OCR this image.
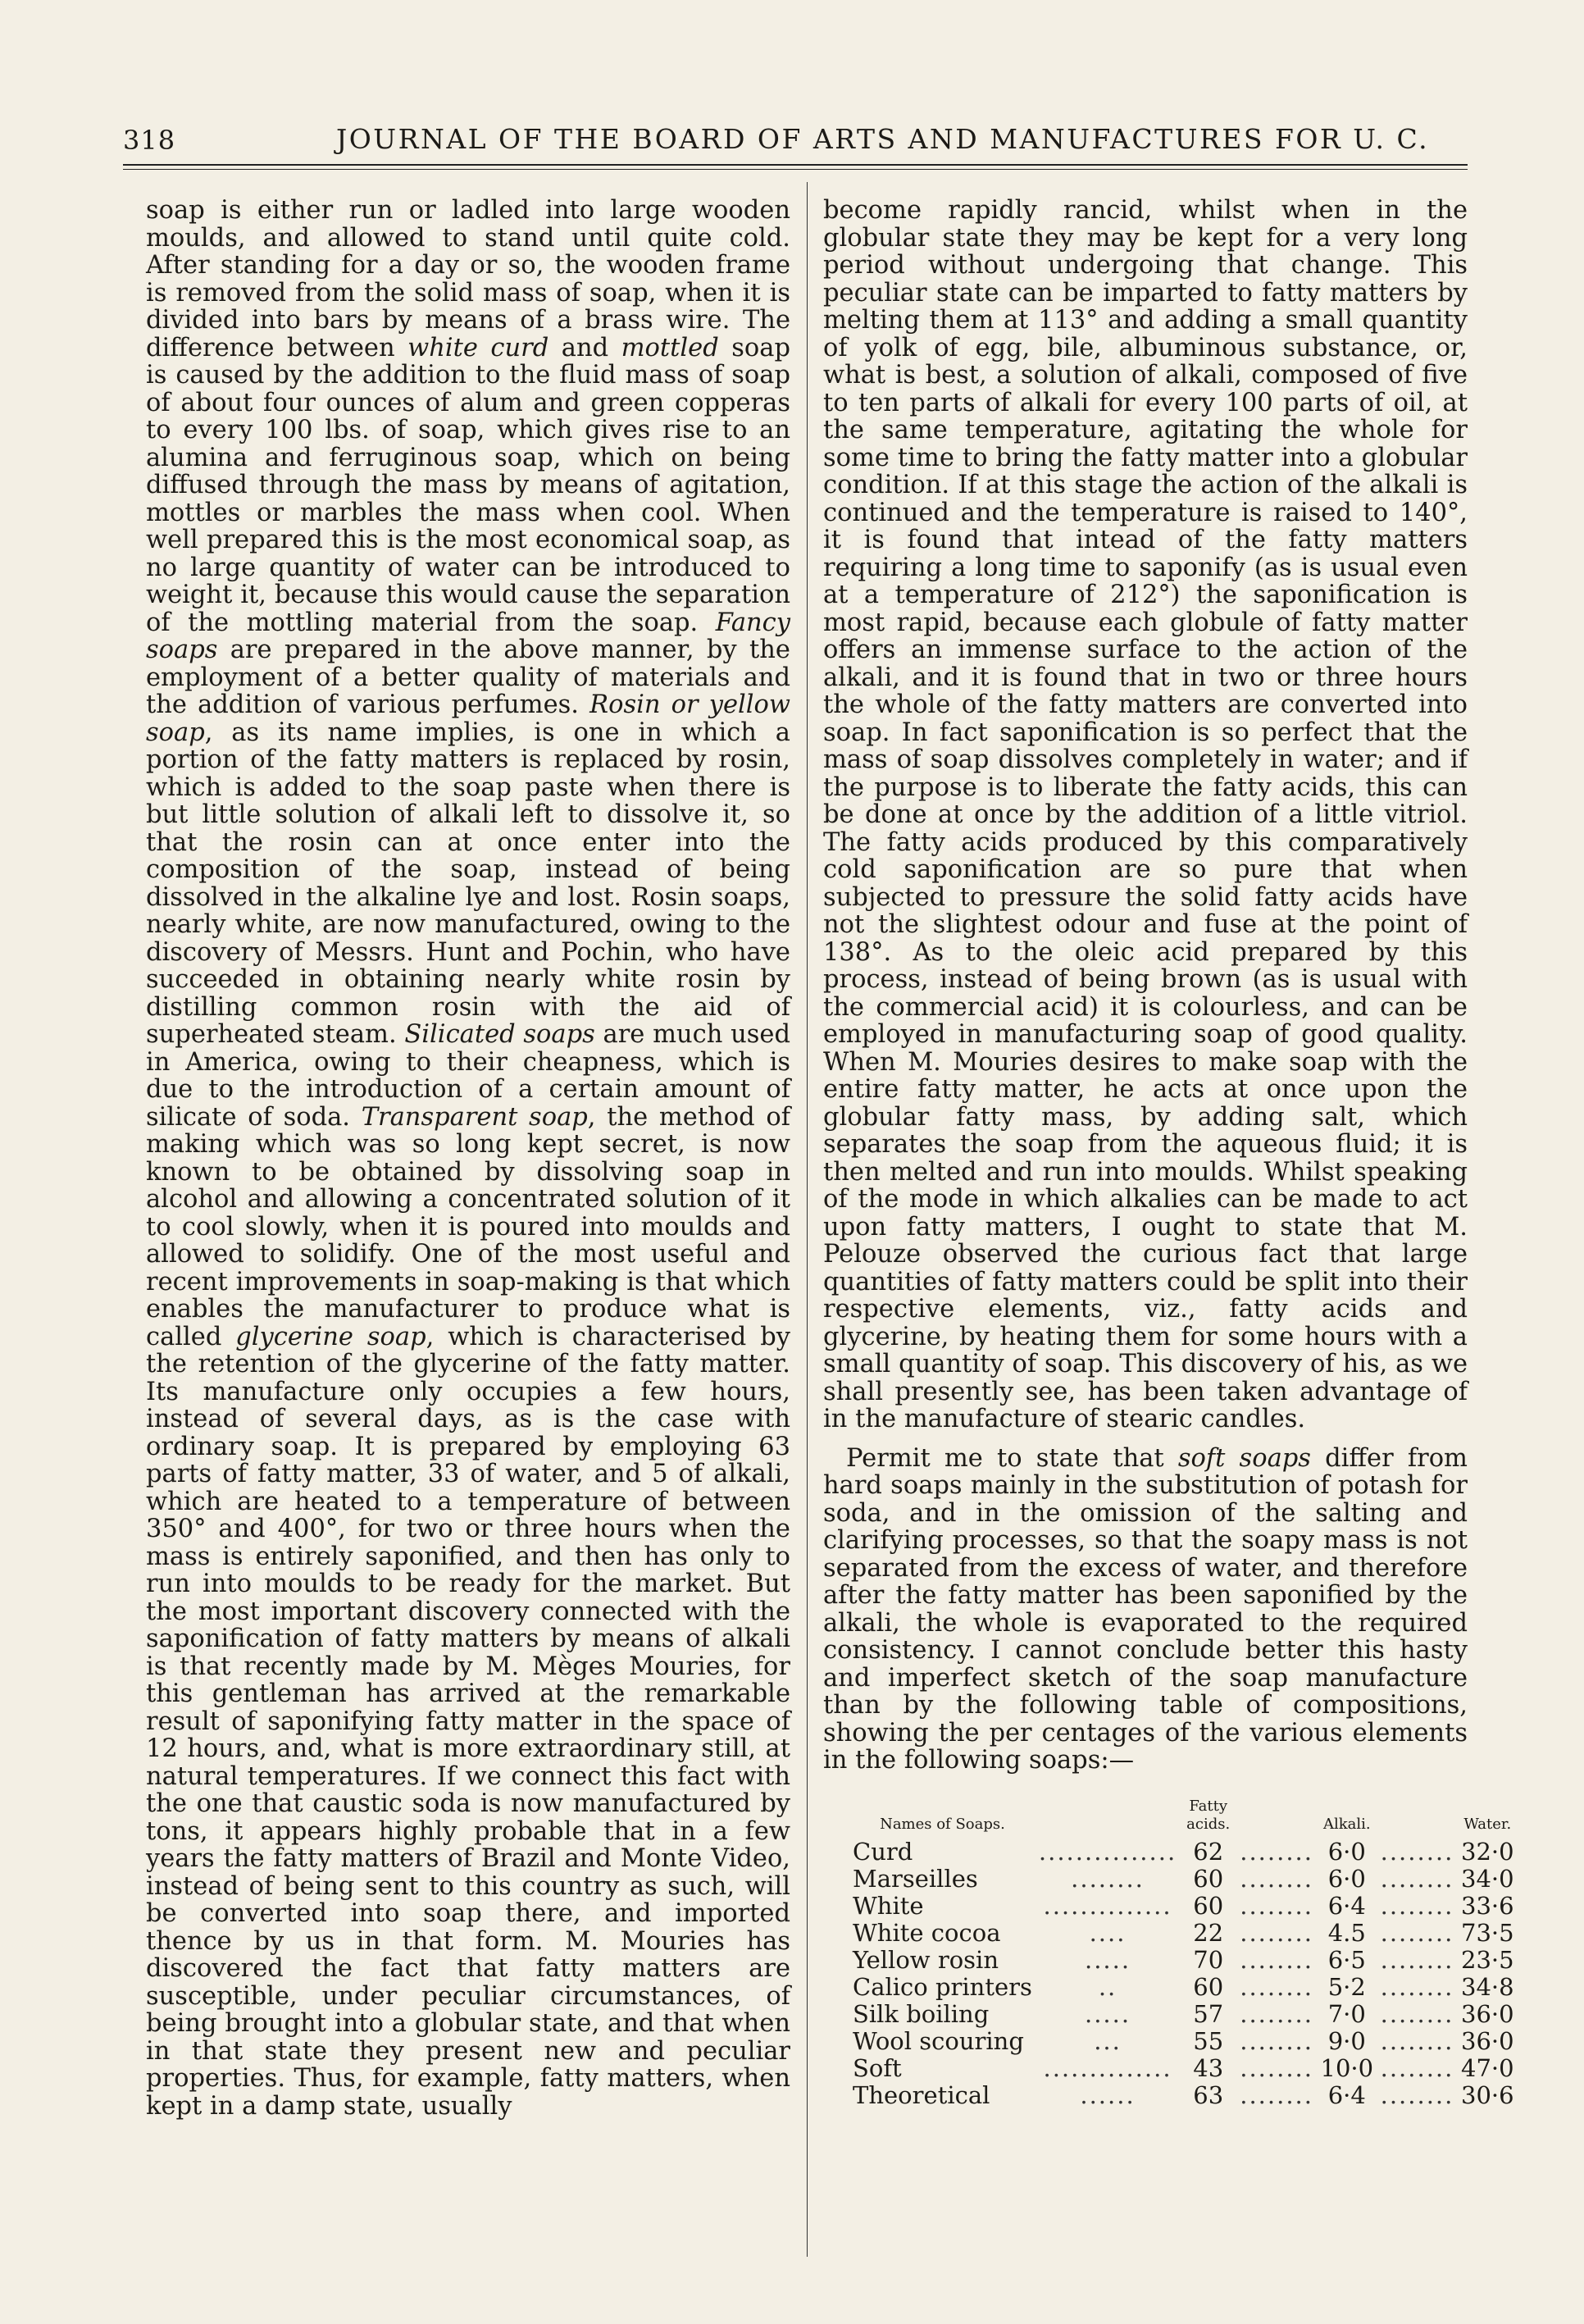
318	JOURNAL OF THE BOARD OF ARTS AND MANUFACTURES FOR U. C.

soap is either run or ladled into large wooden moulds, and allowed to stand until quite cold. After standing for a day or so, the wooden frame is removed from the solid mass of soap, when it is divided into bars by means of a brass wire. The difference between white curd and mottled soap is caused by the addition to the fluid mass of soap of about four ounces of alum and green copperas to every 100 lbs. of soap, which gives rise to an alumina and ferruginous soap, which on being diffused through the mass by means of agitation, mottles or marbles the mass when cool. When well prepared this is the most economical soap, as no large quantity of water can be introduced to weight it, because this would cause the separation of the mottling material from the soap. Fancy soaps are prepared in the above manner, by the employment of a better quality of materials and the addition of various perfumes. Rosin or yellow soap, as its name implies, is one in which a portion of the fatty matters is replaced by rosin, which is added to the soap paste when there is but little solution of alkali left to dissolve it, so that the rosin can at once enter into the composition of the soap, instead of being dissolved in the alkaline lye and lost. Rosin soaps, nearly white, are now manufactured, owing to the discovery of Messrs. Hunt and Pochin, who have succeeded in obtaining nearly white rosin by distilling common rosin with the aid of superheated steam. Silicated soaps are much used in America, owing to their cheapness, which is due to the introduction of a certain amount of silicate of soda. Transparent soap, the method of making which was so long kept secret, is now known to be obtained by dissolving soap in alcohol and allowing a concentrated solution of it to cool slowly, when it is poured into moulds and allowed to solidify. One of the most useful and recent improvements in soap-making is that which enables the manufacturer to produce what is called glycerine soap, which is characterised by the retention of the glycerine of the fatty matter. Its manufacture only occupies a few hours, instead of several days, as is the case with ordinary soap. It is prepared by employing 63 parts of fatty matter, 33 of water, and 5 of alkali, which are heated to a temperature of between 350° and 400°, for two or three hours when the mass is entirely saponified, and then has only to run into moulds to be ready for the market. But the most important discovery connected with the saponification of fatty matters by means of alkali is that recently made by M. Mèges Mouries, for this gentleman has arrived at the remarkable result of saponifying fatty matter in the space of 12 hours, and, what is more extraordinary still, at natural temperatures. If we connect this fact with the one that caustic soda is now manufactured by tons, it appears highly probable that in a few years the fatty matters of Brazil and Monte Video, instead of being sent to this country as such, will be converted into soap there, and imported thence by us in that form. M. Mouries has discovered the fact that fatty matters are susceptible, under peculiar circumstances, of being brought into a globular state, and that when in that state they present new and peculiar properties. Thus, for example, fatty matters, when kept in a damp state, usually

become rapidly rancid, whilst when in the globular state they may be kept for a very long period without undergoing that change. This peculiar state can be imparted to fatty matters by melting them at 113° and adding a small quantity of yolk of egg, bile, albuminous substance, or, what is best, a solution of alkali, composed of five to ten parts of alkali for every 100 parts of oil, at the same temperature, agitating the whole for some time to bring the fatty matter into a globular condition. If at this stage the action of the alkali is continued and the temperature is raised to 140°, it is found that intead of the fatty matters requiring a long time to saponify (as is usual even at a temperature of 212°) the saponification is most rapid, because each globule of fatty matter offers an immense surface to the action of the alkali, and it is found that in two or three hours the whole of the fatty matters are converted into soap. In fact saponification is so perfect that the mass of soap dissolves completely in water; and if the purpose is to liberate the fatty acids, this can be done at once by the addition of a little vitriol. The fatty acids produced by this comparatively cold saponification are so pure that when subjected to pressure the solid fatty acids have not the slightest odour and fuse at the point of 138°. As to the oleic acid prepared by this process, instead of being brown (as is usual with the commercial acid) it is colourless, and can be employed in manufacturing soap of good quality. When M. Mouries desires to make soap with the entire fatty matter, he acts at once upon the globular fatty mass, by adding salt, which separates the soap from the aqueous fluid; it is then melted and run into moulds. Whilst speaking of the mode in which alkalies can be made to act upon fatty matters, I ought to state that M. Pelouze observed the curious fact that large quantities of fatty matters could be split into their respective elements, viz., fatty acids and glycerine, by heating them for some hours with a small quantity of soap. This discovery of his, as we shall presently see, has been taken advantage of in the manufacture of stearic candles.

Permit me to state that soft soaps differ from hard soaps mainly in the substitution of potash for soda, and in the omission of the salting and clarifying processes, so that the soapy mass is not separated from the excess of water, and therefore after the fatty matter has been saponified by the alkali, the whole is evaporated to the required consistency. I cannot conclude better this hasty and imperfect sketch of the soap manufacture than by the following table of compositions, showing the per centages of the various elements in the following soaps:—

Names of Soaps.		Fatty acids.		Alkali.		Water.
Curd	...............	62	........	6·0	........	32·0
Marseilles	........	60	........	6·0	........	34·0
White	..............	60	........	6·4	........	33·6
White cocoa	....	22	........	4.5	........	73·5
Yellow rosin	.....	70	........	6·5	........	23·5
Calico printers	..	60	........	5·2	........	34·8
Silk boiling	.....	57	........	7·0	........	36·0
Wool scouring	...	55	........	9·0	........	36·0
Soft	..............	43	........	10·0	........	47·0
Theoretical	......	63	........	6·4	........	30·6
